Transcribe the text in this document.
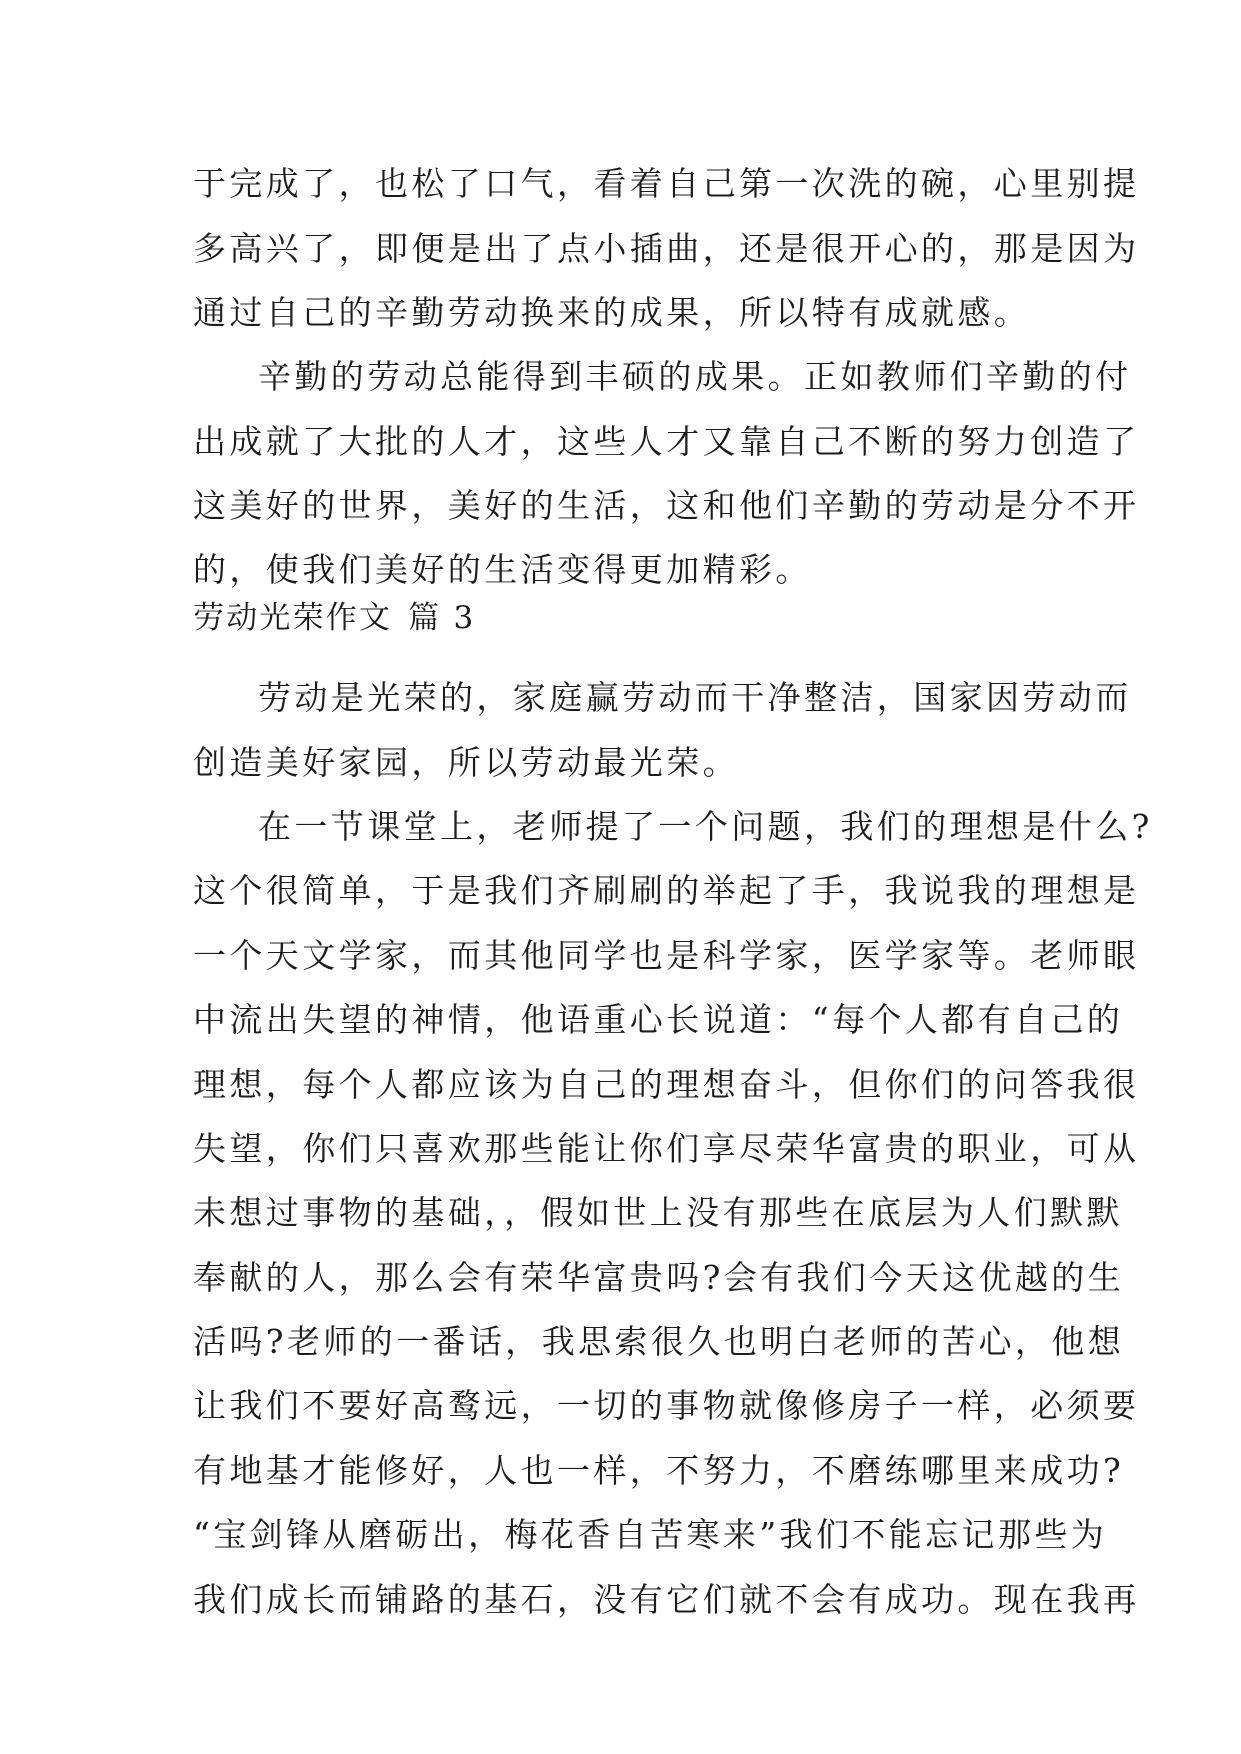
于完成了，也松了口气，看着自己第一次洗的碗，心里别提
多高兴了，即便是出了点小插曲，还是很开心的，那是因为
通过自己的辛勤劳动换来的成果，所以特有成就感。
辛勤的劳动总能得到丰硕的成果。正如教师们辛勤的付
出成就了大批的人才，这些人才又靠自己不断的努力创造了
这美好的世界，美好的生活，这和他们辛勤的劳动是分不开
的，使我们美好的生活变得更加精彩。
劳动光荣作文 篇 3
劳动是光荣的，家庭赢劳动而干净整洁，国家因劳动而
创造美好家园，所以劳动最光荣。
在一节课堂上，老师提了一个问题，我们的理想是什么?
这个很简单，于是我们齐刷刷的举起了手，我说我的理想是
一个天文学家，而其他同学也是科学家，医学家等。老师眼
中流出失望的神情，他语重心长说道：“每个人都有自己的
理想，每个人都应该为自己的理想奋斗，但你们的问答我很
失望，你们只喜欢那些能让你们享尽荣华富贵的职业，可从
未想过事物的基础，，假如世上没有那些在底层为人们默默
奉献的人，那么会有荣华富贵吗?会有我们今天这优越的生
活吗?老师的一番话，我思索很久也明白老师的苦心，他想
让我们不要好高鹜远，一切的事物就像修房子一样，必须要
有地基才能修好，人也一样，不努力，不磨练哪里来成功?
“宝剑锋从磨砺出，梅花香自苦寒来”我们不能忘记那些为
我们成长而铺路的基石，没有它们就不会有成功。现在我再
